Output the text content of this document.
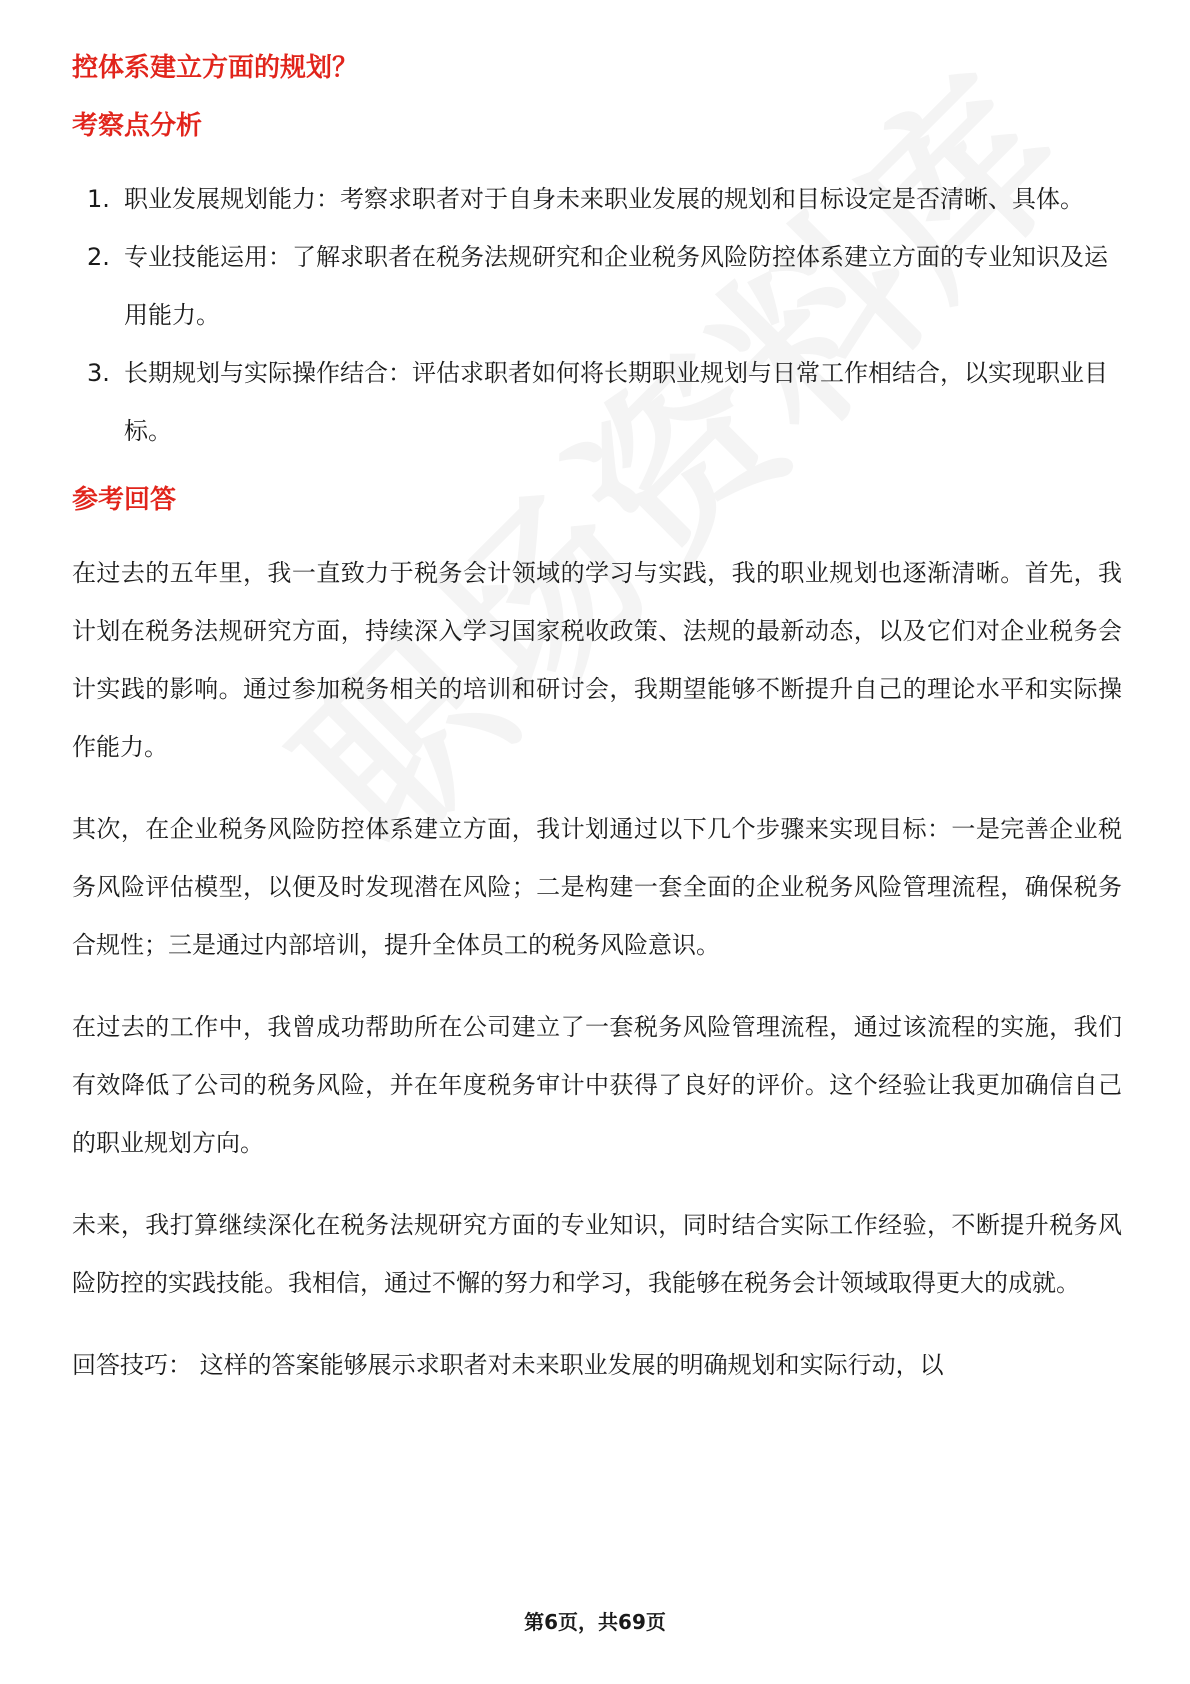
控体系建立方面的规划？
考察点分析
1. 职业发展规划能力：考察求职者对于自身未来职业发展的规划和目标设定是否清晰、具体。
2. 专业技能运用：了解求职者在税务法规研究和企业税务风险防控体系建立方面的专业知识及运用能力。
3. 长期规划与实际操作结合：评估求职者如何将长期职业规划与日常工作相结合，以实现职业目标。
参考回答

在过去的五年里，我一直致力于税务会计领域的学习与实践，我的职业规划也逐渐清晰。首先，我计划在税务法规研究方面，持续深入学习国家税收政策、法规的最新动态，以及它们对企业税务会计实践的影响。通过参加税务相关的培训和研讨会，我期望能够不断提升自己的理论水平和实际操作能力。

其次，在企业税务风险防控体系建立方面，我计划通过以下几个步骤来实现目标：一是完善企业税务风险评估模型，以便及时发现潜在风险；二是构建一套全面的企业税务风险管理流程，确保税务合规性；三是通过内部培训，提升全体员工的税务风险意识。

在过去的工作中，我曾成功帮助所在公司建立了一套税务风险管理流程，通过该流程的实施，我们有效降低了公司的税务风险，并在年度税务审计中获得了良好的评价。这个经验让我更加确信自己的职业规划方向。

未来，我打算继续深化在税务法规研究方面的专业知识，同时结合实际工作经验，不断提升税务风险防控的实践技能。我相信，通过不懈的努力和学习，我能够在税务会计领域取得更大的成就。

回答技巧： 这样的答案能够展示求职者对未来职业发展的明确规划和实际行动，以

第6页，共69页
